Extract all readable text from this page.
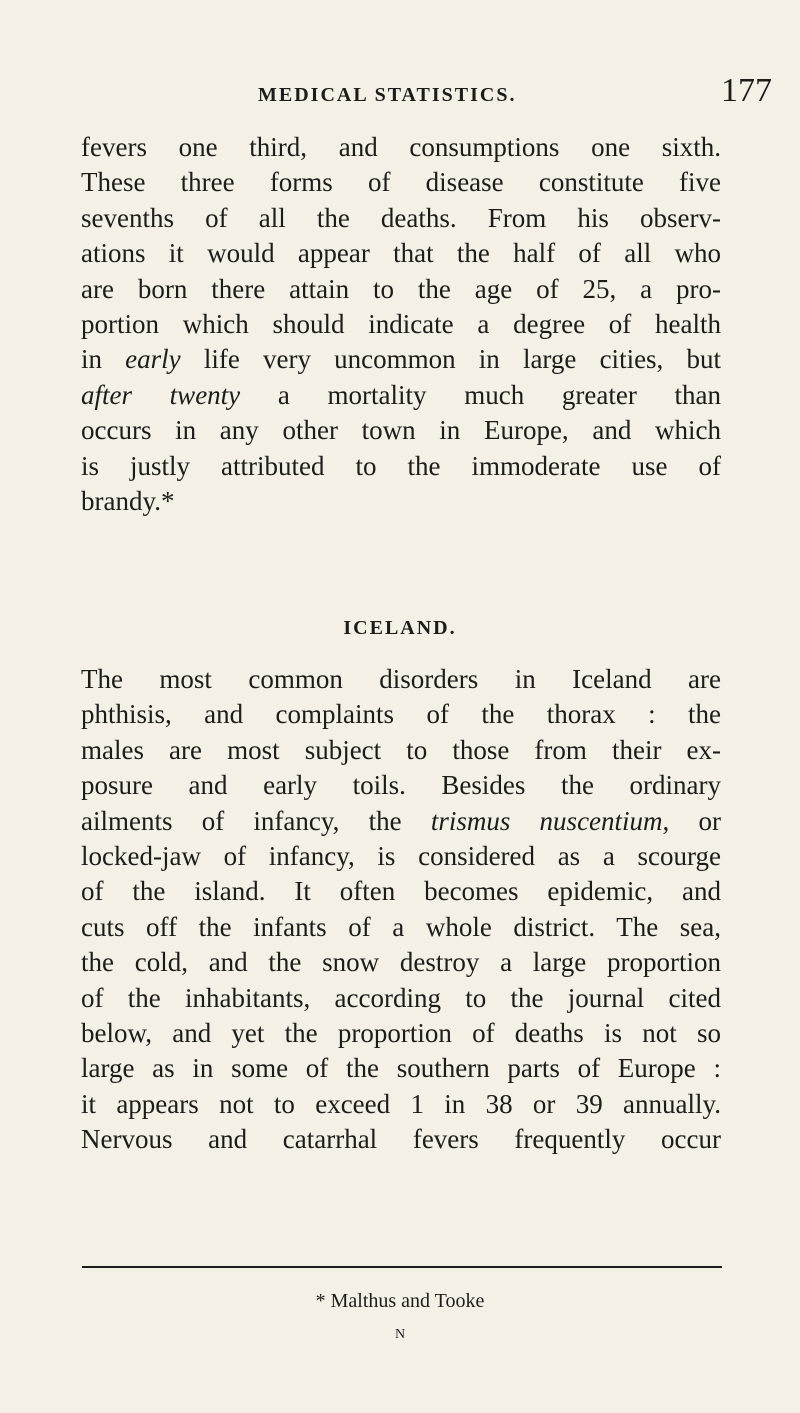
MEDICAL STATISTICS.	177
fevers one third, and consumptions one sixth.
These three forms of disease constitute five
sevenths of all the deaths. From his observ-
ations it would appear that the half of all who
are born there attain to the age of 25, a pro-
portion which should indicate a degree of health
in early life very uncommon in large cities, but
after twenty a mortality much greater than
occurs in any other town in Europe, and which
is justly attributed to the immoderate use of
brandy.*
ICELAND.
The most common disorders in Iceland are
phthisis, and complaints of the thorax : the
males are most subject to those from their ex-
posure and early toils. Besides the ordinary
ailments of infancy, the trismus nuscentium, or
locked-jaw of infancy, is considered as a scourge
of the island. It often becomes epidemic, and
cuts off the infants of a whole district. The sea,
the cold, and the snow destroy a large proportion
of the inhabitants, according to the journal cited
below, and yet the proportion of deaths is not so
large as in some of the southern parts of Europe :
it appears not to exceed 1 in 38 or 39 annually.
Nervous and catarrhal fevers frequently occur
* Malthus and Tooke
N
